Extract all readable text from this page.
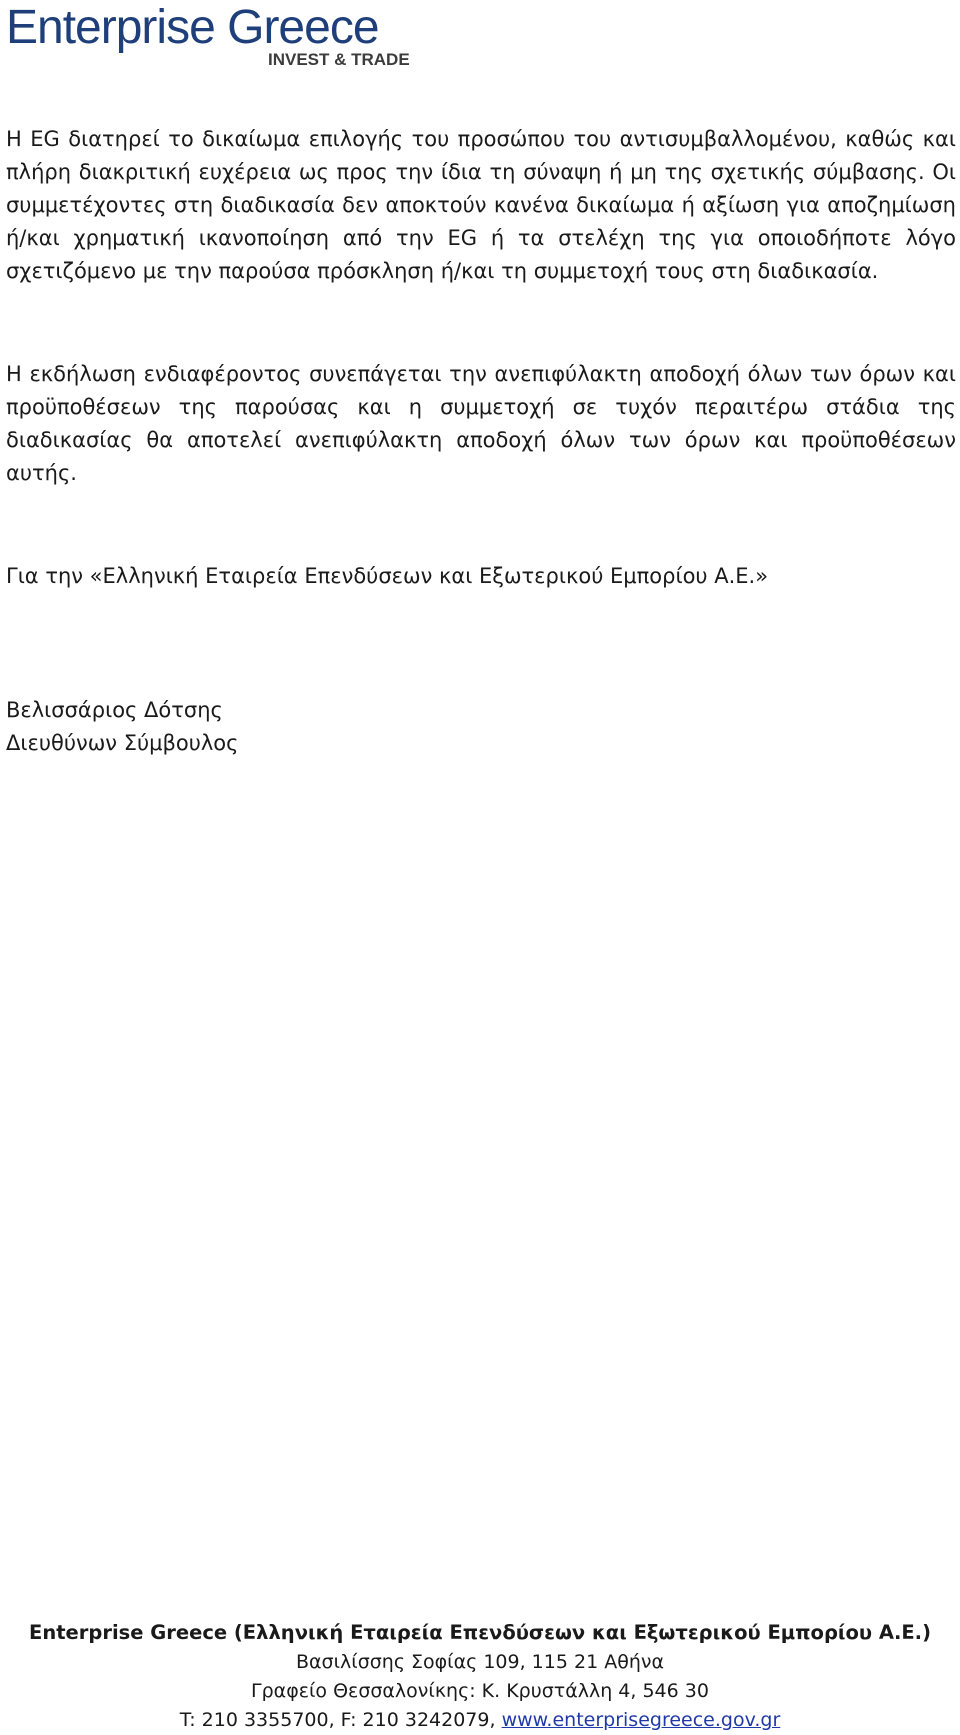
Enterprise Greece
INVEST & TRADE

Η EG διατηρεί το δικαίωμα επιλογής του προσώπου του αντισυμβαλλομένου, καθώς και πλήρη διακριτική ευχέρεια ως προς την ίδια τη σύναψη ή μη της σχετικής σύμβασης. Οι συμμετέχοντες στη διαδικασία δεν αποκτούν κανένα δικαίωμα ή αξίωση για αποζημίωση ή/και χρηματική ικανοποίηση από την EG ή τα στελέχη της για οποιοδήποτε λόγο σχετιζόμενο με την παρούσα πρόσκληση ή/και τη συμμετοχή τους στη διαδικασία.

Η εκδήλωση ενδιαφέροντος συνεπάγεται την ανεπιφύλακτη αποδοχή όλων των όρων και προϋποθέσεων της παρούσας και η συμμετοχή σε τυχόν περαιτέρω στάδια της διαδικασίας θα αποτελεί ανεπιφύλακτη αποδοχή όλων των όρων και προϋποθέσεων αυτής.

Για την «Ελληνική Εταιρεία Επενδύσεων και Εξωτερικού Εμπορίου Α.Ε.»

Βελισσάριος Δότσης

Διευθύνων Σύμβουλος

Enterprise Greece (Ελληνική Εταιρεία Επενδύσεων και Εξωτερικού Εμπορίου Α.Ε.)

Βασιλίσσης Σοφίας 109, 115 21 Αθήνα

Γραφείο Θεσσαλονίκης: Κ. Κρυστάλλη 4, 546 30

T: 210 3355700, F: 210 3242079, www.enterprisegreece.gov.gr
